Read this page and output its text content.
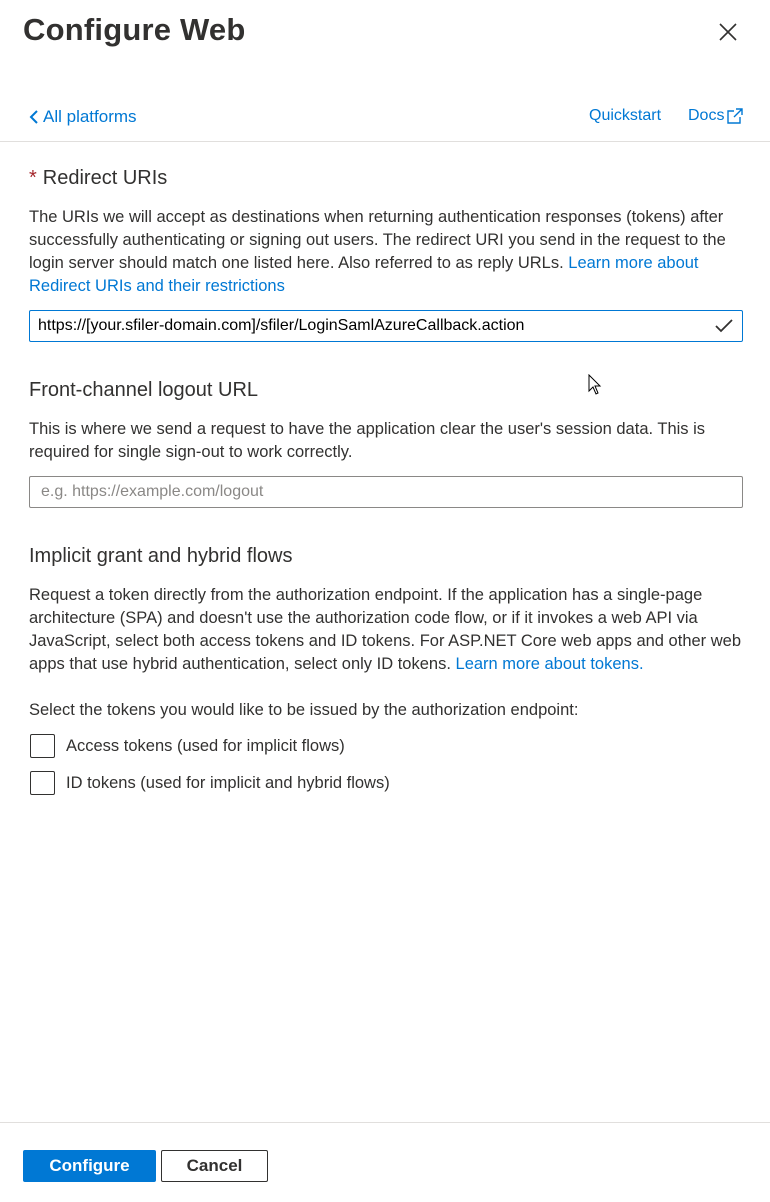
Configure Web
All platforms	Quickstart Docs
* Redirect URIs
The URIs we will accept as destinations when returning authentication responses (tokens) after successfully authenticating or signing out users. The redirect URI you send in the request to the login server should match one listed here. Also referred to as reply URLs. Learn more about Redirect URIs and their restrictions
https://[your.sfiler-domain.com]/sfiler/LoginSamlAzureCallback.action
Front-channel logout URL
This is where we send a request to have the application clear the user's session data. This is required for single sign-out to work correctly.
e.g. https://example.com/logout
Implicit grant and hybrid flows
Request a token directly from the authorization endpoint. If the application has a single-page architecture (SPA) and doesn't use the authorization code flow, or if it invokes a web API via JavaScript, select both access tokens and ID tokens. For ASP.NET Core web apps and other web apps that use hybrid authentication, select only ID tokens. Learn more about tokens.
Select the tokens you would like to be issued by the authorization endpoint:
Access tokens (used for implicit flows)
ID tokens (used for implicit and hybrid flows)
Configure	Cancel
